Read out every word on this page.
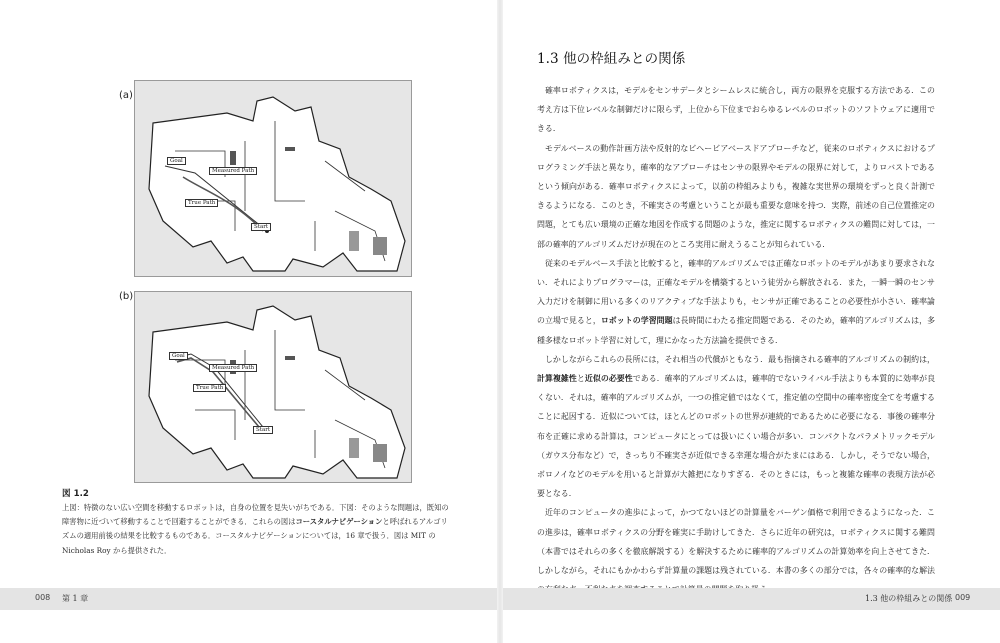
(a)
Goal
Measured Path
True Path
Start
(b)
Goal
Measured Path
True Path
Start
図 1.2
上図：特徴のない広い空間を移動するロボットは，自身の位置を見失いがちである．下図：そのような問題は，既知の障害物に近づいて移動することで回避することができる．これらの図はコースタルナビゲーションと呼ばれるアルゴリズムの適用前後の結果を比較するものである．コースタルナビゲーションについては，16 章で扱う．図は MIT の Nicholas Roy から提供された．
008 第 1 章
1.3 他の枠組みとの関係

確率ロボティクスは，モデルをセンサデータとシームレスに統合し，両方の限界を克服する方法である．この考え方は下位レベルな制御だけに限らず，上位から下位までおらゆるレベルのロボットのソフトウェアに適用できる．

モデルベースの動作計画方法や反射的なビヘービアベースドアプローチなど，従来のロボティクスにおけるプログラミング手法と異なり，確率的なアプローチはセンサの限界やモデルの限界に対して，よりロバストであるという傾向がある．確率ロボティクスによって，以前の枠組みよりも，複雑な実世界の環境をずっと良く計測できるようになる．このとき，不確実さの考慮ということが最も重要な意味を持つ．実際，前述の自己位置推定の問題，とても広い環境の正確な地図を作成する問題のような，推定に関するロボティクスの難問に対しては，一部の確率的アルゴリズムだけが現在のところ実用に耐えうることが知られている．

従来のモデルベース手法と比較すると，確率的アルゴリズムでは正確なロボットのモデルがあまり要求されない．それによりプログラマーは，正確なモデルを構築するという徒労から解放される．また，一瞬一瞬のセンサ入力だけを制御に用いる多くのリアクティブな手法よりも，センサが正確であることの必要性が小さい．確率論の立場で見ると，ロボットの学習問題は長時間にわたる推定問題である．そのため，確率的アルゴリズムは，多種多様なロボット学習に対して，理にかなった方法論を提供できる．

しかしながらこれらの長所には，それ相当の代償がともなう．最も指摘される確率的アルゴリズムの制約は，計算複雑性と近似の必要性である．確率的アルゴリズムは，確率的でないライバル手法よりも本質的に効率が良くない．それは，確率的アルゴリズムが，一つの推定値ではなくて，推定値の空間中の確率密度全てを考慮することに起因する．近似については，ほとんどのロボットの世界が連続的であるために必要になる．事後の確率分布を正確に求める計算は，コンピュータにとっては扱いにくい場合が多い．コンパクトなパラメトリックモデル（ガウス分布など）で，きっちり不確実さが近似できる幸運な場合がたまにはある．しかし，そうでない場合，ボロノイなどのモデルを用いると計算が大雑把になりすぎる．そのときには，もっと複雑な確率の表現方法が必要となる．

近年のコンピュータの進歩によって，かつてないほどの計算量をバーゲン価格で利用できるようになった．この進歩は，確率ロボティクスの分野を確実に手助けしてきた．さらに近年の研究は，ロボティクスに関する難問（本書ではそれらの多くを徹底解説する）を解決するために確率的アルゴリズムの計算効率を向上させてきた．しかしながら，それにもかかわらず計算量の課題は残されている．本書の多くの部分では，各々の確率的な解法

1.3 他の枠組みとの関係 009
